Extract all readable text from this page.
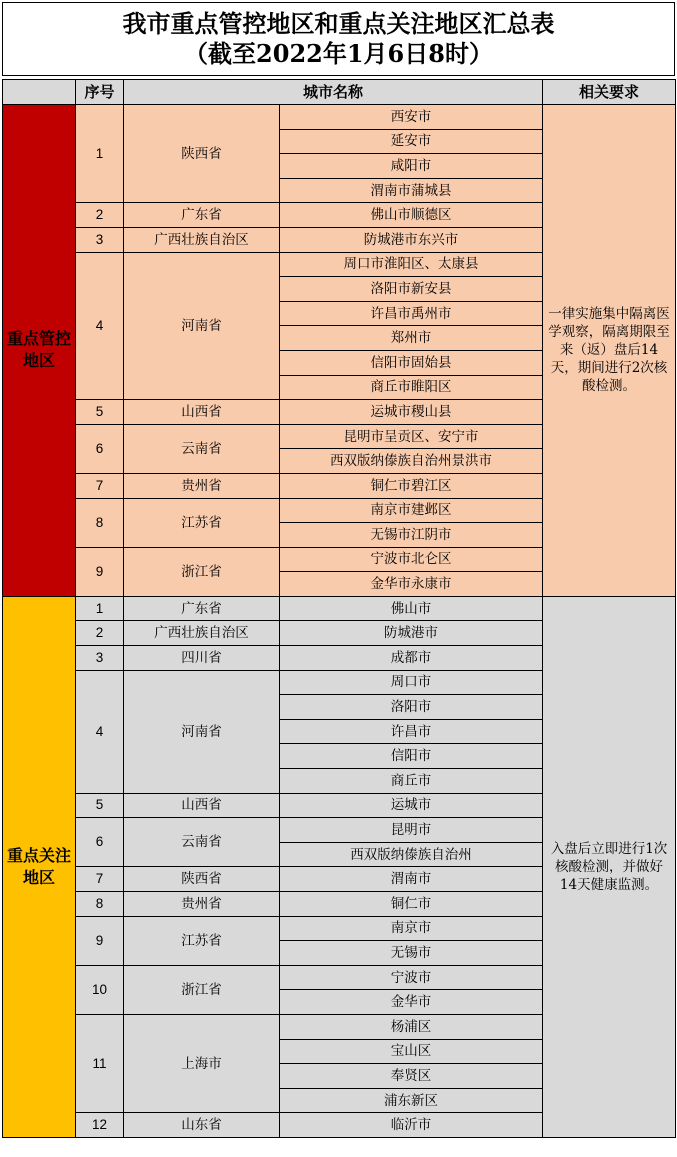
我市重点管控地区和重点关注地区汇总表
（截至2022年1月6日8时）
	序号	城市名称		相关要求
重点管控地区	1	陕西省	西安市	一律实施集中隔离医学观察，隔离期限至来（返）盘后14天，期间进行2次核酸检测。
			延安市	
			咸阳市	
			渭南市蒲城县	
	2	广东省	佛山市顺德区	
	3	广西壮族自治区	防城港市东兴市	
	4	河南省	周口市淮阳区、太康县	
			洛阳市新安县	
			许昌市禹州市	
			郑州市	
			信阳市固始县	
			商丘市睢阳区	
	5	山西省	运城市稷山县	
	6	云南省	昆明市呈贡区、安宁市	
			西双版纳傣族自治州景洪市	
	7	贵州省	铜仁市碧江区	
	8	江苏省	南京市建邺区	
			无锡市江阴市	
	9	浙江省	宁波市北仑区	
			金华市永康市	
重点关注地区	1	广东省	佛山市	入盘后立即进行1次核酸检测，并做好14天健康监测。
	2	广西壮族自治区	防城港市	
	3	四川省	成都市	
	4	河南省	周口市	
			洛阳市	
			许昌市	
			信阳市	
			商丘市	
	5	山西省	运城市	
	6	云南省	昆明市	
			西双版纳傣族自治州	
	7	陕西省	渭南市	
	8	贵州省	铜仁市	
	9	江苏省	南京市	
			无锡市	
	10	浙江省	宁波市	
			金华市	
	11	上海市	杨浦区	
			宝山区	
			奉贤区	
			浦东新区	
	12	山东省	临沂市	
